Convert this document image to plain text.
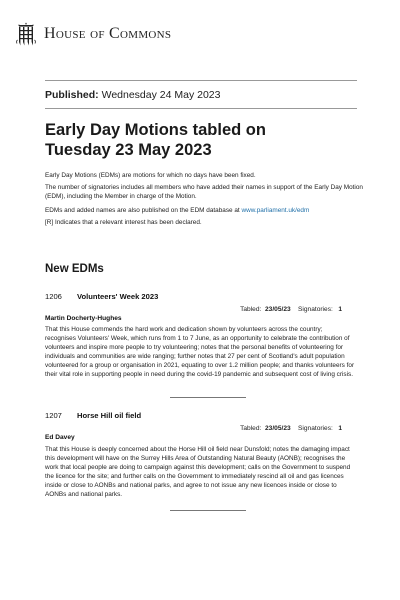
House of Commons
Published: Wednesday 24 May 2023
Early Day Motions tabled on
Tuesday 23 May 2023
Early Day Motions (EDMs) are motions for which no days have been fixed.
The number of signatories includes all members who have added their names in support of the Early Day Motion (EDM), including the Member in charge of the Motion.
EDMs and added names are also published on the EDM database at www.parliament.uk/edm
[R] Indicates that a relevant interest has been declared.
New EDMs
1206	Volunteers' Week 2023
Tabled: 23/05/23 Signatories: 1
Martin Docherty-Hughes
That this House commends the hard work and dedication shown by volunteers across the country; recognises Volunteers' Week, which runs from 1 to 7 June, as an opportunity to celebrate the contribution of volunteers and inspire more people to try volunteering; notes that the personal benefits of volunteering for individuals and communities are wide ranging; further notes that 27 per cent of Scotland's adult population volunteered for a group or organisation in 2021, equating to over 1.2 million people; and thanks volunteers for their vital role in supporting people in need during the covid-19 pandemic and subsequent cost of living crisis.
1207	Horse Hill oil field
Tabled: 23/05/23 Signatories: 1
Ed Davey
That this House is deeply concerned about the Horse Hill oil field near Dunsfold; notes the damaging impact this development will have on the Surrey Hills Area of Outstanding Natural Beauty (AONB); recognises the work that local people are doing to campaign against this development; calls on the Government to suspend the licence for the site; and further calls on the Government to immediately rescind all oil and gas licences inside or close to AONBs and national parks, and agree to not issue any new licences inside or close to AONBs and national parks.
